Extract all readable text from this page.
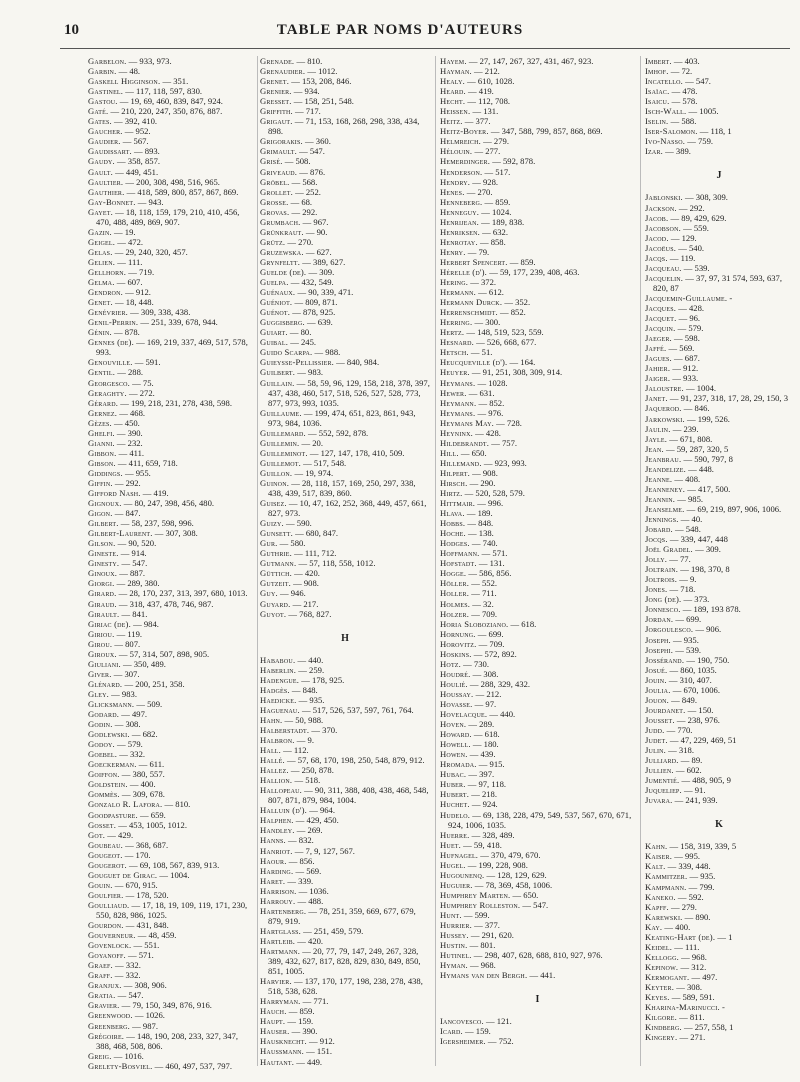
10	TABLE PAR NOMS D'AUTEURS
Garbelon. — 933, 973.
Garbin. — 48.
Gaskell Higginson. — 351.
Gastinel. — 117, 118, 597, 830.
Gastou. — 19, 69, 460, 839, 847, 924.
Gaté. — 210, 220, 247, 350, 876, 887.
Gates. — 392, 410.
Gaucher. — 952.
Gaudier. — 567.
Gaudissart. — 893.
Gaudy. — 358, 857.
Gault. — 449, 451.
Gaultier. — 200, 308, 498, 516, 965.
Gauthier. — 418, 589, 800, 857, 867, 869.
Gay-Bonnet. — 943.
Gayet. — 18, 118, 159, 179, 210, 410, 456, 470, 488, 489, 869, 907.
Gazin. — 19.
Geigel. — 472.
Gelas. — 29, 240, 320, 457.
Gelien. — 111.
Gellhorn. — 719.
Gelma. — 607.
Gendron. — 912.
Genet. — 18, 448.
Genévrier. — 309, 338, 438.
Genil-Perrin. — 251, 339, 678, 944.
Génin. — 878.
Gennes (de). — 169, 219, 337, 469, 517, 578, 993.
Genouville. — 591.
Gentil. — 288.
Georgesco. — 75.
Geraghty. — 272.
Gérard. — 199, 218, 231, 278, 438, 598.
Gernez. — 468.
Gèzes. — 450.
Ghelfi. — 390.
Gianni. — 232.
Gibbon. — 411.
Gibson. — 411, 659, 718.
Giddings. — 955.
Giffin. — 292.
Gifford Nash. — 419.
Gignoux. — 80, 247, 398, 456, 480.
Gigon. — 847.
Gilbert. — 58, 237, 598, 996.
Gilbert-Laurent. — 307, 308.
Gilson. — 90, 520.
Gineste. — 914.
Ginesty. — 547.
Ginoux. — 887.
Giorgi. — 289, 380.
Girard. — 28, 170, 237, 313, 397, 680, 1013.
Giraud. — 318, 437, 478, 746, 987.
Girault. — 841.
Giriac (de). — 984.
Giriou. — 119.
Girou. — 807.
Giroux. — 57, 314, 507, 898, 905.
Giuliani. — 350, 489.
Giver. — 307.
Glénard. — 200, 251, 358.
Gley. — 983.
Glicksmann. — 509.
Godard. — 497.
Godin. — 308.
Godlewski. — 682.
Godoy. — 579.
Goebel. — 332.
Goeckerman. — 611.
Goiffon. — 380, 557.
Goldstein. — 400.
Gommès. — 309, 678.
Gonzalo R. Lafora. — 810.
Goodpasture. — 659.
Gosset. — 453, 1005, 1012.
Got. — 429.
Goubeau. — 368, 687.
Gougeot. — 170.
Gougerot. — 69, 108, 567, 839, 913.
Gouguet de Girac. — 1004.
Gouin. — 670, 915.
Goulfier. — 178, 520.
Goulliaud. — 17, 18, 19, 109, 119, 171, 230, 550, 828, 986, 1025.
Gourdon. — 431, 848.
Gouverneur. — 48, 459.
Govenlock. — 551.
Goyanoff. — 571.
Graef. — 332.
Graff. — 332.
Granjux. — 308, 906.
Gratia. — 547.
Gravier. — 79, 150, 349, 876, 916.
Greenwood. — 1026.
Greenberg. — 987.
Grégoire. — 148, 190, 208, 233, 327, 347, 388, 468, 508, 806.
Greig. — 1016.
Grelety-Bosviel. — 460, 497, 537, 797.
Grenade. — 810.
Grenaudier. — 1012.
Grenet. — 153, 208, 846.
Grenier. — 934.
Gresset. — 158, 251, 548.
Griffith. — 717.
Grigaut. — 71, 153, 168, 268, 298, 338, 434, 898.
Grigoraкis. — 360.
Grimault. — 547.
Grisé. — 508.
Griveaud. — 876.
Gröbel. — 568.
Grollet. — 252.
Grosse. — 68.
Grovas. — 292.
Grumbach. — 967.
Grünkraut. — 90.
Grütz. — 270.
Gruzewska. — 627.
Grynfeltt. — 389, 627.
Guelde (de). — 309.
Guelpa. — 432, 549.
Guénaux. — 90, 339, 471.
Guéniot. — 809, 871.
Guénot. — 878, 925.
Guggisberg. — 639.
Guiart. — 80.
Guibal. — 245.
Guido Scarpa. — 988.
Guieysse-Pellissier. — 840, 984.
Guilbert. — 983.
Guillain. — 58, 59, 96, 129, 158, 218, 378, 397, 437, 438, 460, 517, 518, 526, 527, 528, 773, 877, 973, 993, 1035.
Guillaume. — 199, 474, 651, 823, 861, 943, 973, 984, 1036.
Guillemard. — 552, 592, 878.
Guillemin. — 20.
Guilleminot. — 127, 147, 178, 410, 509.
Guillemot. — 517, 548.
Guillon. — 19, 974.
Guinon. — 28, 118, 157, 169, 250, 297, 338, 438, 439, 517, 839, 860.
Guisez. — 10, 47, 162, 252, 368, 449, 457, 661, 827, 973.
Guizy. — 590.
Gunsett. — 680, 847.
Gur. — 580.
Guthrie. — 111, 712.
Gutmann. — 57, 118, 558, 1012.
Güttich. — 420.
Gutzeit. — 908.
Guy. — 946.
Guyard. — 217.
Guyot. — 768, 827.
H
Hababou. — 440.
Haberlin. — 259.
Hadengue. — 178, 925.
Hadgès. — 848.
Haedicke. — 935.
Haguenau. — 517, 526, 537, 597, 761, 764.
Hahn. — 50, 988.
Halberstadt. — 370.
Halbron. — 9.
Hall. — 112.
Hallé. — 57, 68, 170, 198, 250, 548, 879, 912.
Hallez. — 250, 878.
Hallion. — 518.
Hallopeau. — 90, 311, 388, 408, 438, 468, 548, 807, 871, 879, 984, 1004.
Halluin (d'). — 964.
Halphen. — 429, 450.
Handley. — 269.
Hanns. — 832.
Hanriot. — 7, 9, 127, 567.
Haour. — 856.
Harding. — 569.
Haret. — 339.
Harrison. — 1036.
Harrouy. — 488.
Hartenberg. — 78, 251, 359, 669, 677, 679, 879, 919.
Hartglass. — 251, 459, 579.
Hartleib. — 420.
Hartmann. — 20, 77, 79, 147, 249, 267, 328, 389, 432, 627, 817, 828, 829, 830, 849, 850, 851, 1005.
Harvier. — 137, 170, 177, 198, 238, 278, 438, 518, 538, 628.
Harryman. — 771.
Hauch. — 859.
Haupt. — 159.
Hauser. — 390.
Hausknecht. — 912.
Haussmann. — 151.
Hautant. — 449.
Hayem. — 27, 147, 267, 327, 431, 467, 923.
Hayman. — 212.
Healy. — 610, 1028.
Heard. — 419.
Hecht. — 112, 708.
Heissen. — 131.
Heitz. — 377.
Heitz-Boyer. — 347, 588, 799, 857, 868, 869.
Helmreich. — 279.
Hélouin. — 277.
Hemerdinger. — 592, 878.
Henderson. — 517.
Hendry. — 928.
Henes. — 270.
Henneberg. — 859.
Henneguy. — 1024.
Henrijean. — 189, 838.
Henriksen. — 632.
Henrotay. — 858.
Henry. — 79.
Herbert Spencert. — 859.
Hérelle (d'). — 59, 177, 239, 408, 463.
Hering. — 372.
Hermann. — 612.
Hermann Durck. — 352.
Herrenschmidt. — 852.
Herring. — 300.
Hertz. — 148, 519, 523, 559.
Hesnard. — 526, 668, 677.
Hetsch. — 51.
Heucqueville (d'). — 164.
Heuyer. — 91, 251, 308, 309, 914.
Heymans. — 1028.
Hewer. — 631.
Heymann. — 852.
Heymans. — 976.
Heymans May. — 728.
Heyninx. — 428.
Hildebrandt. — 757.
Hill. — 650.
Hillemand. — 923, 993.
Hilpert. — 908.
Hirsch. — 290.
Hirtz. — 520, 528, 579.
Hittmair. — 996.
Hlava. — 189.
Hobbs. — 848.
Hoche. — 138.
Hodges. — 740.
Hoffmann. — 571.
Hofstadt. — 131.
Hogge. — 586, 856.
Höller. — 552.
Holler. — 711.
Holmes. — 32.
Holzer. — 709.
Horia Slobozianо. — 618.
Hornung. — 699.
Horovitz. — 709.
Hoskins. — 572, 892.
Hotz. — 730.
Houdré. — 308.
Houlié. — 288, 329, 432.
Houssay. — 212.
Hovasse. — 97.
Hovelacque. — 440.
Hoven. — 289.
Howard. — 618.
Howell. — 180.
Howen. — 439.
Hromada. — 915.
Hubac. — 397.
Huber. — 97, 118.
Hubert. — 218.
Huchet. — 924.
Hudelo. — 69, 138, 228, 479, 549, 537, 567, 670, 671, 924, 1006, 1035.
Huerre. — 328, 489.
Huet. — 59, 418.
Hufnagel. — 370, 479, 670.
Hugel. — 199, 228, 908.
Hugounenq. — 128, 129, 629.
Huguier. — 78, 369, 458, 1006.
Humphrey Marten. — 650.
Humphrey Rolleston. — 547.
Hunt. — 599.
Hurrier. — 377.
Hussey. — 291, 620.
Hustin. — 801.
Hutinel. — 298, 407, 628, 688, 810, 927, 976.
Hyman. — 968.
Hymans van den Bergh. — 441.
I
Iancovesco. — 121.
Icard. — 159.
Igersheimer. — 752.
Imbert. — 403.
Imhof. — 72.
Incatello. — 547.
Isaïac. — 478.
Isaicu. — 578.
Isch-Wall. — 1005.
Iselin. — 588.
Iser-Salomon. — 118, 1
Ivo-Nasso. — 759.
Izar. — 389.
J
Jablonski. — 308, 309.
Jackson. — 292.
Jacob. — 89, 429, 629.
Jacobson. — 559.
Jacod. — 129.
Jacoёus. — 540.
Jacqs. — 119.
Jacqueau. — 539.
Jacquelin. — 37, 97, 31 574, 593, 637, 820, 87
Jacquemin-Guillaume. -
Jacques. — 428.
Jacquet. — 96.
Jacquin. — 579.
Jaeger. — 598.
Jaffé. — 569.
Jagues. — 687.
Jahier. — 912.
Jaiger. — 933.
Jaloustre. — 1004.
Janet. — 91, 237, 318, 17, 28, 29, 150, 3
Jaquerod. — 846.
Jarkowski. — 199, 526.
Jaulin. — 239.
Jayle. — 671, 808.
Jean. — 59, 287, 320, 5
Jeanbrau. — 590, 797, 8
Jeandelize. — 448.
Jeanne. — 408.
Jeanneney. — 417, 500.
Jeannin. — 985.
Jeanselme. — 69, 219, 897, 906, 1006.
Jennings. — 40.
Jobard. — 548.
Jocqs. — 339, 447, 448
Joël Gradel. — 309.
Jolly. — 77.
Joltrain. — 198, 370, 8
Joltrois. — 9.
Jones. — 718.
Jong (de). — 373.
Jonnesco. — 189, 193 878.
Jordan. — 699.
Jorgoulesco. — 906.
Joseph. — 935.
Josephi. — 539.
Jossérand. — 190, 750.
Josué. — 860, 1035.
Jouin. — 310, 407.
Joulia. — 670, 1006.
Jouon. — 849.
Jourdanet. — 150.
Jousset. — 238, 976.
Judd. — 770.
Judet. — 47, 229, 469, 51
Julin. — 318.
Julliard. — 89.
Jullien. — 602.
Jumentié. — 488, 905, 9
Juqueliер. — 91.
Juvara. — 241, 939.
K
Kahn. — 158, 319, 339, 5
Kaiser. — 995.
Kalt. — 339, 448.
Kammitzer. — 935.
Kampmann. — 799.
Kaneko. — 592.
Kapff. — 279.
Karewski. — 890.
Kay. — 400.
Keating-Hart (de). — 1
Keidel. — 111.
Kellogg. — 968.
Kepinow. — 312.
Kermogant. — 497.
Keyter. — 308.
Keyes. — 589, 591.
Kharina-Marinucci. -
Kilgore. — 811.
Kindberg. — 257, 558, 1
Kingery. — 271.
